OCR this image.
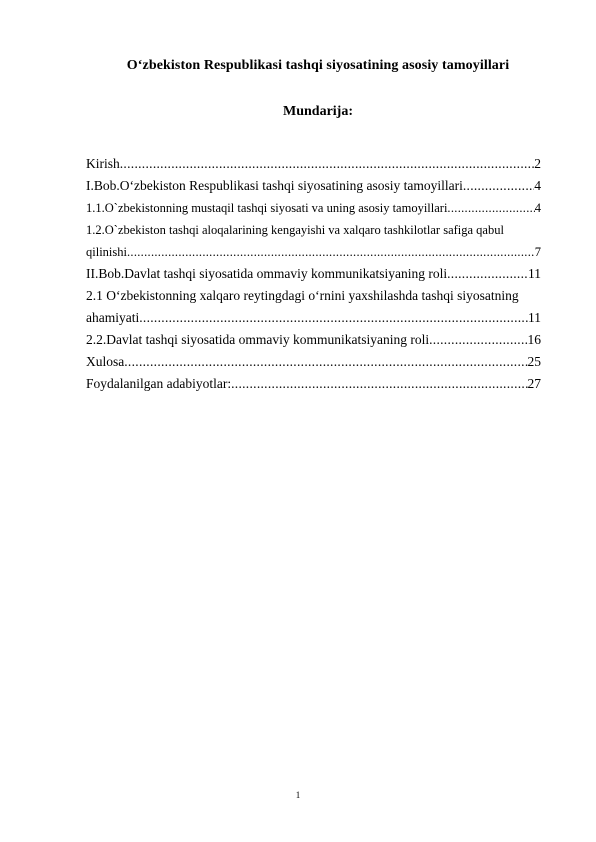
O‘zbekiston Respublikasi tashqi siyosatining asosiy tamoyillari
Mundarija:
Kirish .....	2
I.Bob.O‘zbekiston Respublikasi tashqi siyosatining asosiy tamoyillari .....	4
1.1.O`zbekistonning mustaqil tashqi siyosati va uning asosiy tamoyillari .....	4
1.2.O`zbekiston tashqi aloqalarining kengayishi va xalqaro tashkilotlar safiga qabul
qilinishi .....	7
II.Bob.Davlat tashqi siyosatida ommaviy kommunikatsiyaning roli .....	11
2.1 O‘zbekistonning xalqaro reytingdagi o‘rnini yaxshilashda tashqi siyosatning
ahamiyati .....	11
2.2.Davlat tashqi siyosatida ommaviy kommunikatsiyaning roli .....	16
Xulosa .....	25
Foydalanilgan adabiyotlar: .....	27
1
